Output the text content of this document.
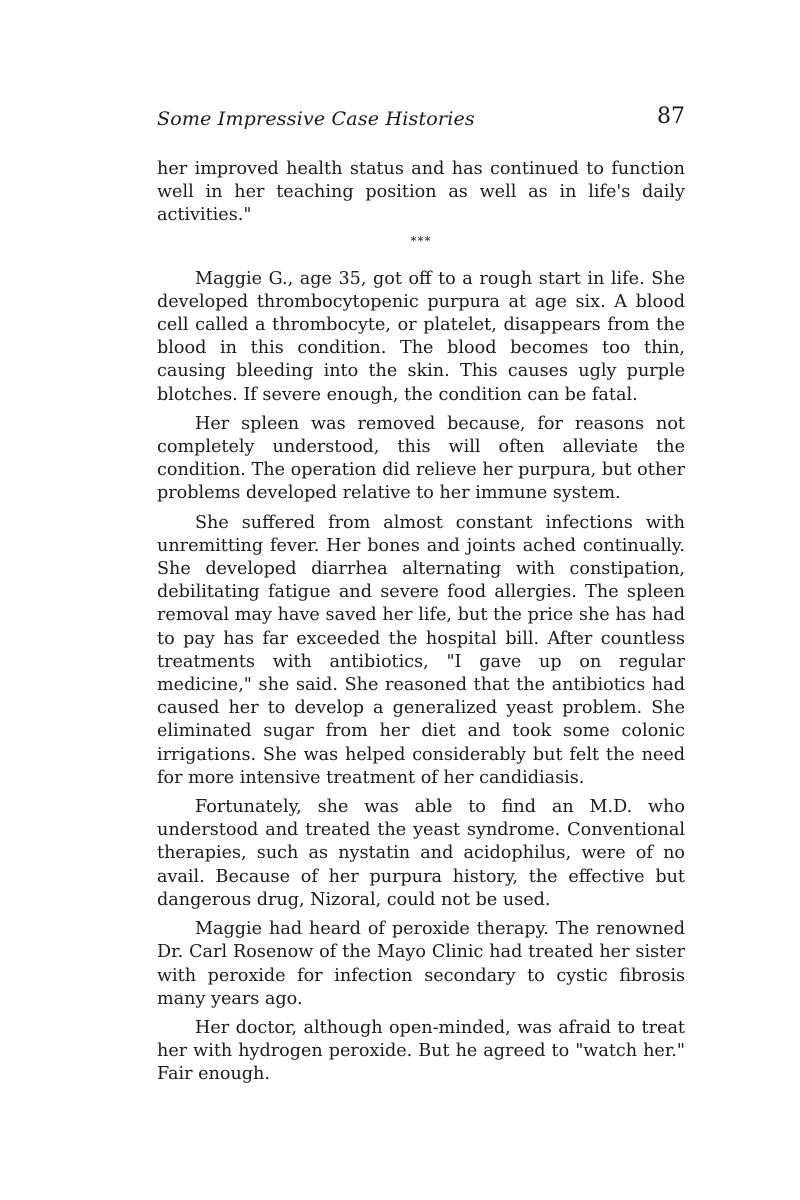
Some Impressive Case Histories	87

her improved health status and has continued to function well in her teaching position as well as in life's daily activities."

***

Maggie G., age 35, got off to a rough start in life. She developed thrombocytopenic purpura at age six. A blood cell called a thrombocyte, or platelet, disappears from the blood in this condition. The blood becomes too thin, causing bleeding into the skin. This causes ugly purple blotches. If severe enough, the condition can be fatal.

Her spleen was removed because, for reasons not completely understood, this will often alleviate the condition. The operation did relieve her purpura, but other problems developed relative to her immune system.

She suffered from almost constant infections with unremitting fever. Her bones and joints ached continually. She developed diarrhea alternating with constipation, debilitating fatigue and severe food allergies. The spleen removal may have saved her life, but the price she has had to pay has far exceeded the hospital bill. After countless treatments with antibiotics, "I gave up on regular medicine," she said. She reasoned that the antibiotics had caused her to develop a generalized yeast problem. She eliminated sugar from her diet and took some colonic irrigations. She was helped considerably but felt the need for more intensive treatment of her candidiasis.

Fortunately, she was able to find an M.D. who understood and treated the yeast syndrome. Conventional therapies, such as nystatin and acidophilus, were of no avail. Because of her purpura history, the effective but dangerous drug, Nizoral, could not be used.

Maggie had heard of peroxide therapy. The renowned Dr. Carl Rosenow of the Mayo Clinic had treated her sister with peroxide for infection secondary to cystic fibrosis many years ago.

Her doctor, although open-minded, was afraid to treat her with hydrogen peroxide. But he agreed to "watch her." Fair enough.
